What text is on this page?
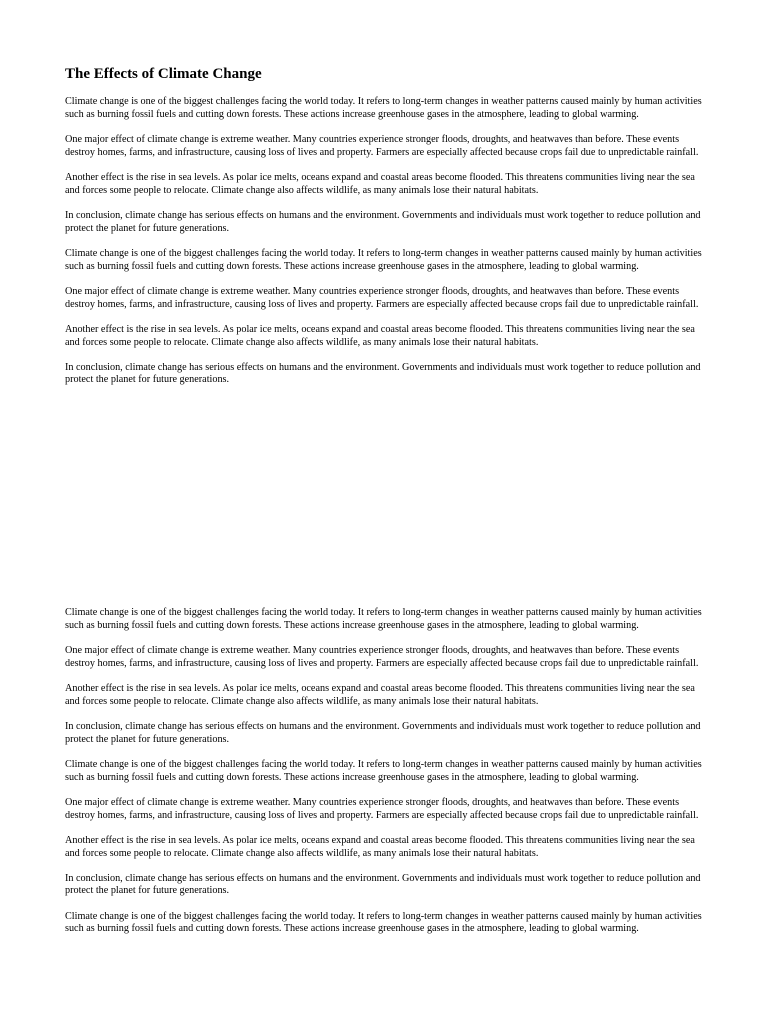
The Effects of Climate Change

Climate change is one of the biggest challenges facing the world today. It refers to long-term changes in weather patterns caused mainly by human activities such as burning fossil fuels and cutting down forests. These actions increase greenhouse gases in the atmosphere, leading to global warming.

One major effect of climate change is extreme weather. Many countries experience stronger floods, droughts, and heatwaves than before. These events destroy homes, farms, and infrastructure, causing loss of lives and property. Farmers are especially affected because crops fail due to unpredictable rainfall.

Another effect is the rise in sea levels. As polar ice melts, oceans expand and coastal areas become flooded. This threatens communities living near the sea and forces some people to relocate. Climate change also affects wildlife, as many animals lose their natural habitats.

In conclusion, climate change has serious effects on humans and the environment. Governments and individuals must work together to reduce pollution and protect the planet for future generations.

Climate change is one of the biggest challenges facing the world today. It refers to long-term changes in weather patterns caused mainly by human activities such as burning fossil fuels and cutting down forests. These actions increase greenhouse gases in the atmosphere, leading to global warming.

One major effect of climate change is extreme weather. Many countries experience stronger floods, droughts, and heatwaves than before. These events destroy homes, farms, and infrastructure, causing loss of lives and property. Farmers are especially affected because crops fail due to unpredictable rainfall.

Another effect is the rise in sea levels. As polar ice melts, oceans expand and coastal areas become flooded. This threatens communities living near the sea and forces some people to relocate. Climate change also affects wildlife, as many animals lose their natural habitats.

In conclusion, climate change has serious effects on humans and the environment. Governments and individuals must work together to reduce pollution and protect the planet for future generations.

Climate change is one of the biggest challenges facing the world today. It refers to long-term changes in weather patterns caused mainly by human activities such as burning fossil fuels and cutting down forests. These actions increase greenhouse gases in the atmosphere, leading to global warming.

One major effect of climate change is extreme weather. Many countries experience stronger floods, droughts, and heatwaves than before. These events destroy homes, farms, and infrastructure, causing loss of lives and property. Farmers are especially affected because crops fail due to unpredictable rainfall.

Another effect is the rise in sea levels. As polar ice melts, oceans expand and coastal areas become flooded. This threatens communities living near the sea and forces some people to relocate. Climate change also affects wildlife, as many animals lose their natural habitats.

In conclusion, climate change has serious effects on humans and the environment. Governments and individuals must work together to reduce pollution and protect the planet for future generations.

Climate change is one of the biggest challenges facing the world today. It refers to long-term changes in weather patterns caused mainly by human activities such as burning fossil fuels and cutting down forests. These actions increase greenhouse gases in the atmosphere, leading to global warming.

One major effect of climate change is extreme weather. Many countries experience stronger floods, droughts, and heatwaves than before. These events destroy homes, farms, and infrastructure, causing loss of lives and property. Farmers are especially affected because crops fail due to unpredictable rainfall.

Another effect is the rise in sea levels. As polar ice melts, oceans expand and coastal areas become flooded. This threatens communities living near the sea and forces some people to relocate. Climate change also affects wildlife, as many animals lose their natural habitats.

In conclusion, climate change has serious effects on humans and the environment. Governments and individuals must work together to reduce pollution and protect the planet for future generations.

Climate change is one of the biggest challenges facing the world today. It refers to long-term changes in weather patterns caused mainly by human activities such as burning fossil fuels and cutting down forests. These actions increase greenhouse gases in the atmosphere, leading to global warming.
